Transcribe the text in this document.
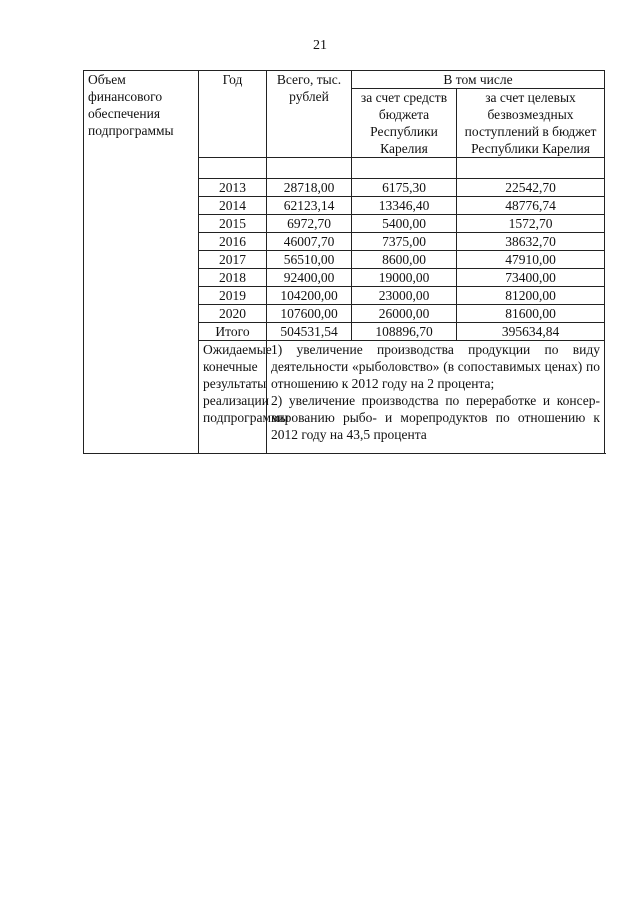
21
Объем финансового обеспечения подпрограммы	Год	Всего, тыс. рублей	В том числе	
			за счет средств бюджета Республики Карелия	за счет целевых безвозмездных поступлений в бюджет Республики Карелия

	2013	28718,00	6175,30	22542,70
	2014	62123,14	13346,40	48776,74
	2015	6972,70	5400,00	1572,70
	2016	46007,70	7375,00	38632,70
	2017	56510,00	8600,00	47910,00
	2018	92400,00	19000,00	73400,00
	2019	104200,00	23000,00	81200,00
	2020	107600,00	26000,00	81600,00
	Итого	504531,54	108896,70	395634,84
	Ожидаемые конечные результаты реализации подпрограммы	1) увеличение производства продукции по виду деятельности «рыболовство» (в сопоставимых ценах) по отношению к 2012 году на 2 процента;

2) увеличение производства по переработке и консервированию рыбо- и морепродуктов по отношению к 2012 году на 43,5 процента		
